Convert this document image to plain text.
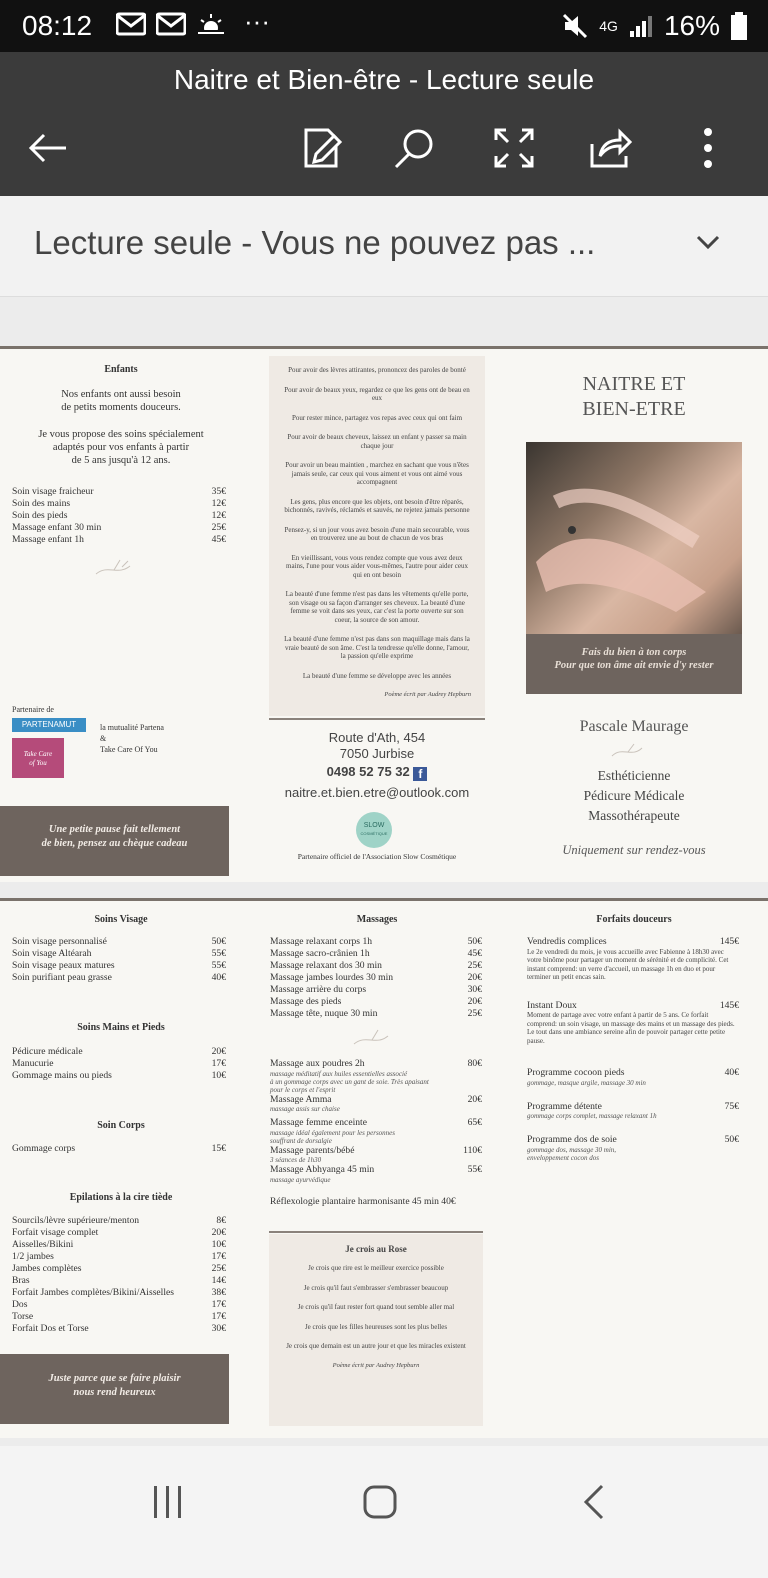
08:12	···	4G 16%
Naitre et Bien-être - Lecture seule
Lecture seule - Vous ne pouvez pas ...
Enfants
Nos enfants ont aussi besoin
de petits moments douceurs.
Je vous propose des soins spécialement
adaptés pour vos enfants à partir
de 5 ans jusqu'à 12 ans.
Soin visage fraicheur	35€
Soin des mains	12€
Soin des pieds	12€
Massage enfant 30 min	25€
Massage enfant 1h	45€
Partenaire de
PARTENAMUT
Take Care
of You
la mutualité Partena
&
Take Care Of You
Une petite pause fait tellement
de bien, pensez au chèque cadeau

Pour avoir des lèvres attirantes, prononcez des paroles de bonté

Pour avoir de beaux yeux, regardez ce que les gens ont de beau en eux

Pour rester mince, partagez vos repas avec ceux qui ont faim

Pour avoir de beaux cheveux, laissez un enfant y passer sa main chaque jour

Pour avoir un beau maintien , marchez en sachant que vous n'êtes jamais seule, car ceux qui vous aiment et vous ont aimé vous accompagnent

Les gens, plus encore que les objets, ont besoin d'être réparés, bichonnés, ravivés, réclamés et sauvés, ne rejetez jamais personne

Pensez-y, si un jour vous avez besoin d'une main secourable, vous en trouverez une au bout de chacun de vos bras

En vieillissant, vous vous rendez compte que vous avez deux mains, l'une pour vous aider vous-mêmes, l'autre pour aider ceux qui en ont besoin

La beauté d'une femme n'est pas dans les vêtements qu'elle porte, son visage ou sa façon d'arranger ses cheveux. La beauté d'une femme se voit dans ses yeux, car c'est la porte ouverte sur son coeur, la source de son amour.

La beauté d'une femme n'est pas dans son maquillage mais dans la vraie beauté de son âme. C'est la tendresse qu'elle donne, l'amour, la passion qu'elle exprime

La beauté d'une femme se développe avec les années

Poème écrit par Audrey Hepburn
Route d'Ath, 454
7050 Jurbise
0498 52 75 32 f
naitre.et.bien.etre@outlook.com
SLOW
COSMÉTIQUE
Partenaire officiel de l'Association Slow Cosmétique
NAITRE ET
BIEN-ETRE
Fais du bien à ton corps
Pour que ton âme ait envie d'y rester
Pascale Maurage
Esthéticienne
Pédicure Médicale
Massothérapeute
Uniquement sur rendez-vous
Soins Visage
Soin visage personnalisé	50€
Soin visage Altéarah	55€
Soin visage peaux matures	55€
Soin purifiant peau grasse	40€
Soins Mains et Pieds
Pédicure médicale	20€
Manucurie	17€
Gommage mains ou pieds	10€
Soin Corps
Gommage corps	15€
Epilations à la cire tiède
Sourcils/lèvre supérieure/menton	8€
Forfait visage complet	20€
Aisselles/Bikini	10€
1/2 jambes	17€
Jambes complètes	25€
Bras	14€
Forfait Jambes complètes/Bikini/Aisselles	38€
Dos	17€
Torse	17€
Forfait Dos et Torse	30€
Juste parce que se faire plaisir
nous rend heureux
Massages
Massage relaxant corps 1h	50€
Massage sacro-crânien 1h	45€
Massage relaxant dos 30 min	25€
Massage jambes lourdes 30 min	20€
Massage arrière du corps	30€
Massage des pieds	20€
Massage tête, nuque 30 min	25€
Massage aux poudres 2h	80€
massage méditatif aux huiles essentielles associé
à un gommage corps avec un gant de soie. Très apaisant
pour le corps et l'esprit
Massage Amma	20€
massage assis sur chaise
Massage femme enceinte	65€
massage idéal également pour les personnes
souffrant de dorsalgie
Massage parents/bébé	110€
3 séances de 1h30
Massage Abhyanga 45 min	55€
massage ayurvédique
Réflexologie plantaire harmonisante 45 min 40€
Je crois au Rose

Je crois que rire est le meilleur exercice possible

Je crois qu'il faut s'embrasser s'embrasser beaucoup

Je crois qu'il faut rester fort quand tout semble aller mal

Je crois que les filles heureuses sont les plus belles

Je crois que demain est un autre jour et que les miracles existent

Poème écrit par Audrey Hepburn
Forfaits douceurs
Vendredis complices	145€
Le 2e vendredi du mois, je vous accueille avec Fabienne à 18h30 avec votre binôme pour partager un moment de sérénité et de complicité. Cet instant comprend: un verre d'accueil, un massage 1h en duo et pour terminer un petit encas sain.
Instant Doux	145€
Moment de partage avec votre enfant à partir de 5 ans. Ce forfait comprend: un soin visage, un massage des mains et un massage des pieds. Le tout dans une ambiance sereine afin de pouvoir partager cette petite pause.
Programme cocoon pieds	40€
gommage, masque argile, massage 30 min
Programme détente	75€
gommage corps complet, massage relaxant 1h
Programme dos de soie	50€
gommage dos, massage 30 min, enveloppement cocon dos
